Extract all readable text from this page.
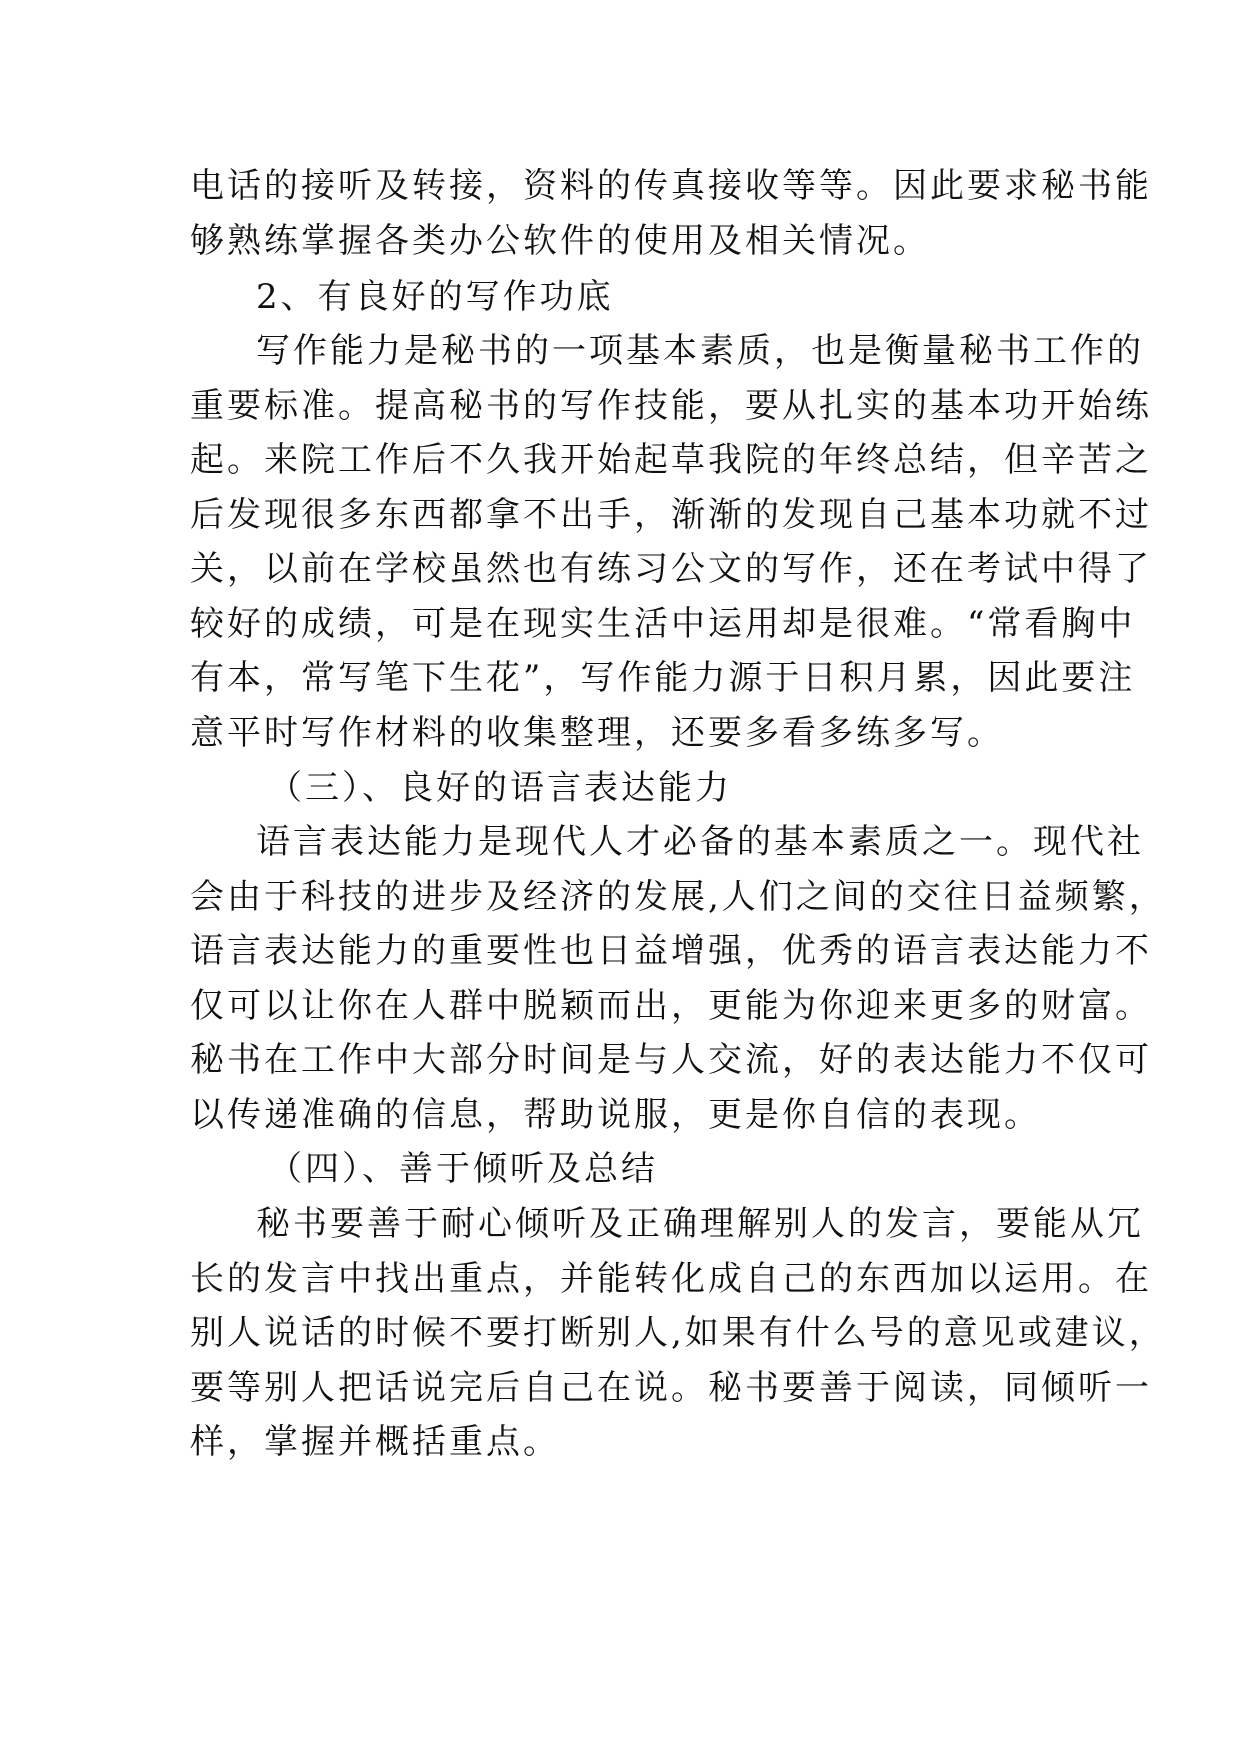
电话的接听及转接，资料的传真接收等等。因此要求秘书能
够熟练掌握各类办公软件的使用及相关情况。
2、有良好的写作功底
写作能力是秘书的一项基本素质，也是衡量秘书工作的
重要标准。提高秘书的写作技能，要从扎实的基本功开始练
起。来院工作后不久我开始起草我院的年终总结，但辛苦之
后发现很多东西都拿不出手，渐渐的发现自己基本功就不过
关，以前在学校虽然也有练习公文的写作，还在考试中得了
较好的成绩，可是在现实生活中运用却是很难。“常看胸中
有本，常写笔下生花”，写作能力源于日积月累，因此要注
意平时写作材料的收集整理，还要多看多练多写。
（三）、良好的语言表达能力
语言表达能力是现代人才必备的基本素质之一。现代社
会由于科技的进步及经济的发展,人们之间的交往日益频繁，
语言表达能力的重要性也日益增强，优秀的语言表达能力不
仅可以让你在人群中脱颖而出，更能为你迎来更多的财富。
秘书在工作中大部分时间是与人交流，好的表达能力不仅可
以传递准确的信息，帮助说服，更是你自信的表现。
（四）、善于倾听及总结
秘书要善于耐心倾听及正确理解别人的发言，要能从冗
长的发言中找出重点，并能转化成自己的东西加以运用。在
别人说话的时候不要打断别人,如果有什么号的意见或建议，
要等别人把话说完后自己在说。秘书要善于阅读，同倾听一
样，掌握并概括重点。
